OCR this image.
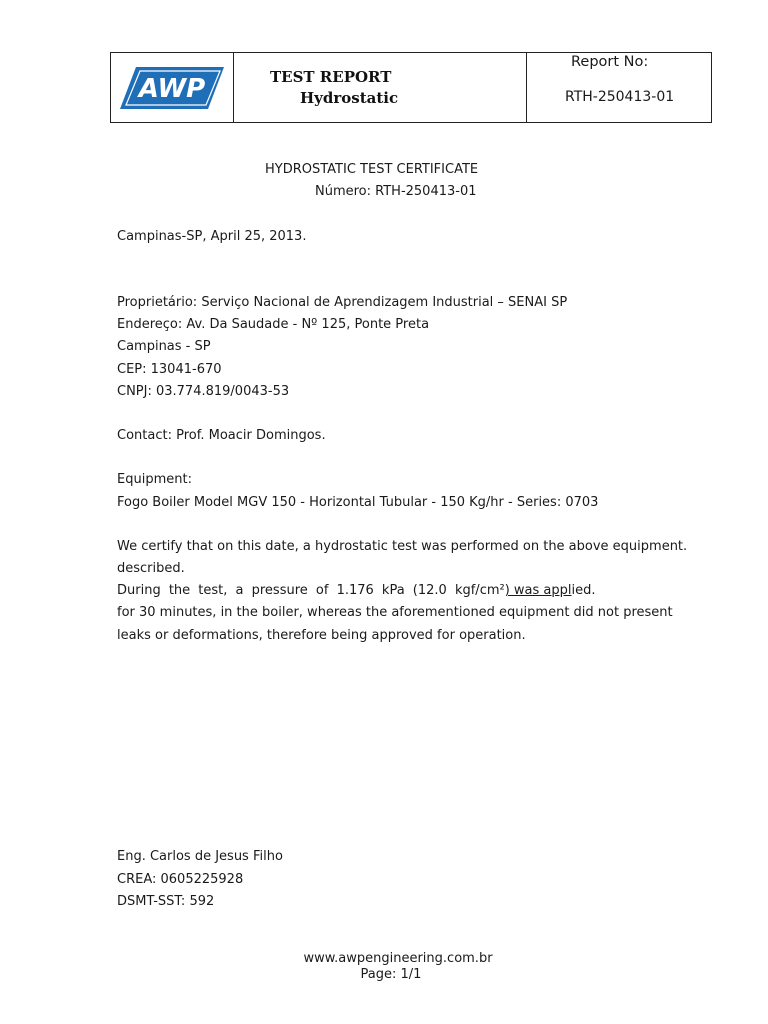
AWP	TEST REPORT
Hydrostatic
Report No:
RTH-250413-01
HYDROSTATIC TEST CERTIFICATE
Número: RTH-250413-01
Campinas-SP, April 25, 2013.
Proprietário: Serviço Nacional de Aprendizagem Industrial – SENAI SP
Endereço: Av. Da Saudade - Nº 125, Ponte Preta
Campinas - SP
CEP: 13041-670
CNPJ: 03.774.819/0043-53
Contact: Prof. Moacir Domingos.
Equipment:
Fogo Boiler Model MGV 150 - Horizontal Tubular - 150 Kg/hr - Series: 0703
We certify that on this date, a hydrostatic test was performed on the above equipment.
described.
During the test, a pressure of 1.176 kPa (12.0 kgf/cm²) was applied.
for 30 minutes, in the boiler, whereas the aforementioned equipment did not present
leaks or deformations, therefore being approved for operation.
Eng. Carlos de Jesus Filho
CREA: 0605225928
DSMT-SST: 592
www.awpengineering.com.br
Page: 1/1
